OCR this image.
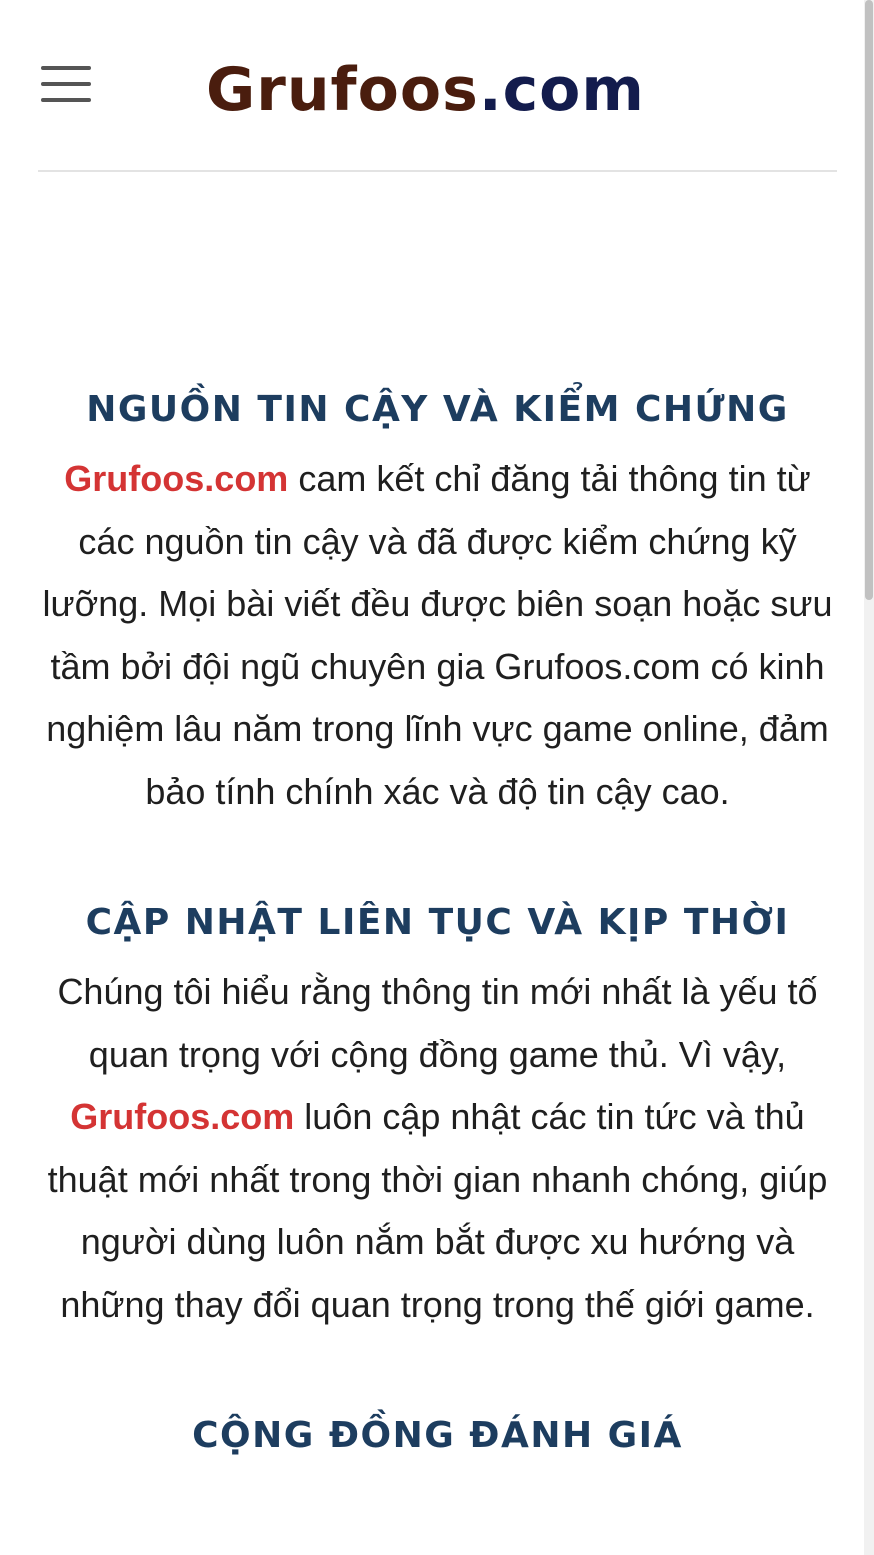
Grufoos.com
NGUỒN TIN CẬY VÀ KIỂM CHỨNG

Grufoos.com cam kết chỉ đăng tải thông tin từ các nguồn tin cậy và đã được kiểm chứng kỹ lưỡng. Mọi bài viết đều được biên soạn hoặc sưu tầm bởi đội ngũ chuyên gia Grufoos.com có kinh nghiệm lâu năm trong lĩnh vực game online, đảm bảo tính chính xác và độ tin cậy cao.

CẬP NHẬT LIÊN TỤC VÀ KỊP THỜI

Chúng tôi hiểu rằng thông tin mới nhất là yếu tố quan trọng với cộng đồng game thủ. Vì vậy, Grufoos.com luôn cập nhật các tin tức và thủ thuật mới nhất trong thời gian nhanh chóng, giúp người dùng luôn nắm bắt được xu hướng và những thay đổi quan trọng trong thế giới game.

CỘNG ĐỒNG ĐÁNH GIÁ
